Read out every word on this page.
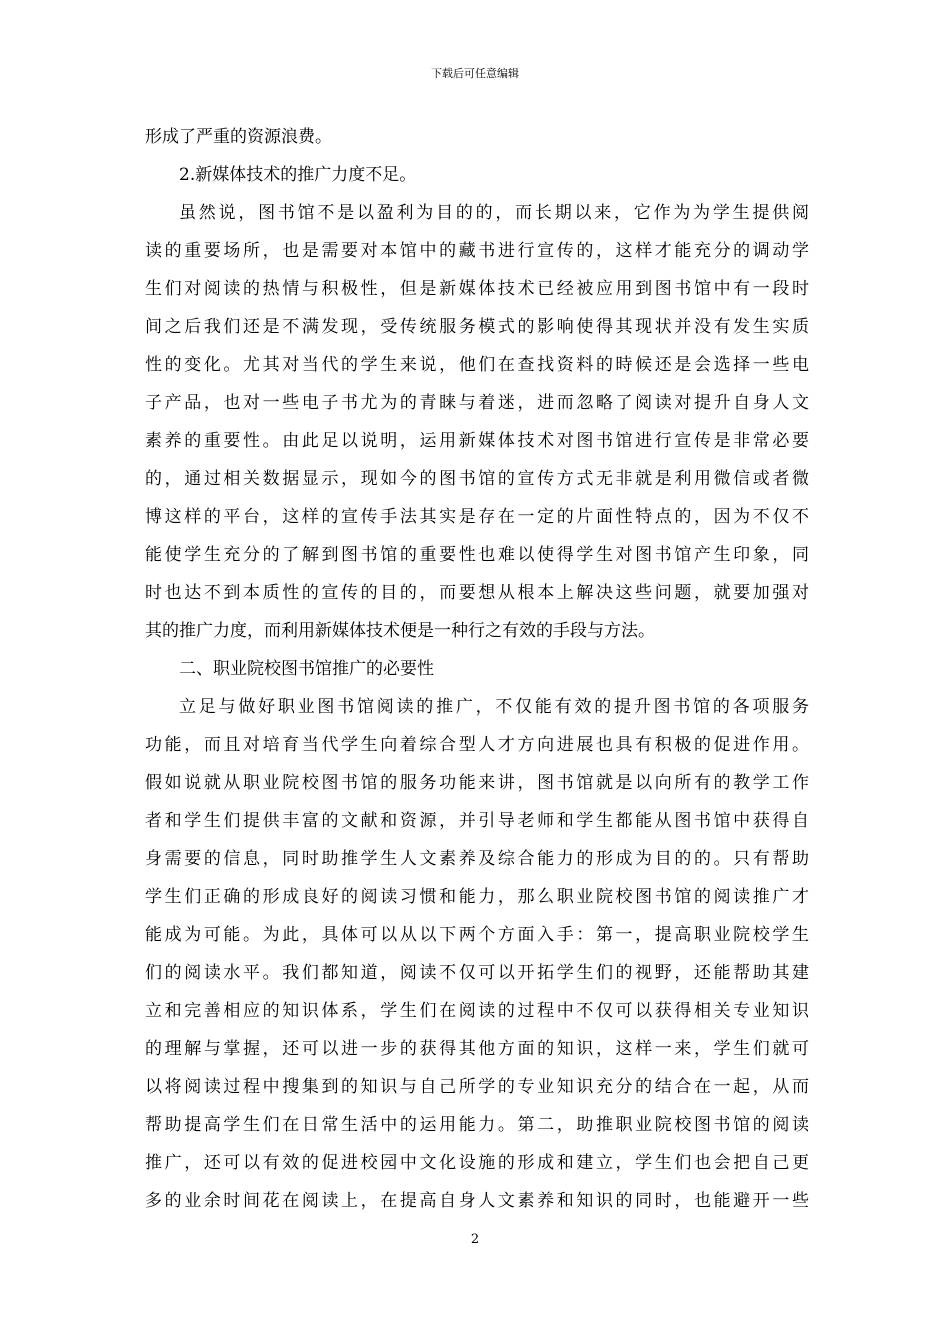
下载后可任意编辑
形成了严重的资源浪费。
2.新媒体技术的推广力度不足。
虽然说，图书馆不是以盈利为目的的，而长期以来，它作为为学生提供阅
读的重要场所，也是需要对本馆中的藏书进行宣传的，这样才能充分的调动学
生们对阅读的热情与积极性，但是新媒体技术已经被应用到图书馆中有一段时
间之后我们还是不满发现，受传统服务模式的影响使得其现状并没有发生实质
性的变化。尤其对当代的学生来说，他们在查找资料的時候还是会选择一些电
子产品，也对一些电子书尤为的青睐与着迷，进而忽略了阅读对提升自身人文
素养的重要性。由此足以说明，运用新媒体技术对图书馆进行宣传是非常必要
的，通过相关数据显示，现如今的图书馆的宣传方式无非就是利用微信或者微
博这样的平台，这样的宣传手法其实是存在一定的片面性特点的，因为不仅不
能使学生充分的了解到图书馆的重要性也难以使得学生对图书馆产生印象，同
时也达不到本质性的宣传的目的，而要想从根本上解决这些问题，就要加强对
其的推广力度，而利用新媒体技术便是一种行之有效的手段与方法。
二、职业院校图书馆推广的必要性
立足与做好职业图书馆阅读的推广，不仅能有效的提升图书馆的各项服务
功能，而且对培育当代学生向着综合型人才方向进展也具有积极的促进作用。
假如说就从职业院校图书馆的服务功能来讲，图书馆就是以向所有的教学工作
者和学生们提供丰富的文献和资源，并引导老师和学生都能从图书馆中获得自
身需要的信息，同时助推学生人文素养及综合能力的形成为目的的。只有帮助
学生们正确的形成良好的阅读习惯和能力，那么职业院校图书馆的阅读推广才
能成为可能。为此，具体可以从以下两个方面入手：第一，提高职业院校学生
们的阅读水平。我们都知道，阅读不仅可以开拓学生们的视野，还能帮助其建
立和完善相应的知识体系，学生们在阅读的过程中不仅可以获得相关专业知识
的理解与掌握，还可以进一步的获得其他方面的知识，这样一来，学生们就可
以将阅读过程中搜集到的知识与自己所学的专业知识充分的结合在一起，从而
帮助提高学生们在日常生活中的运用能力。第二，助推职业院校图书馆的阅读
推广，还可以有效的促进校园中文化设施的形成和建立，学生们也会把自己更
多的业余时间花在阅读上，在提高自身人文素养和知识的同时，也能避开一些
2
